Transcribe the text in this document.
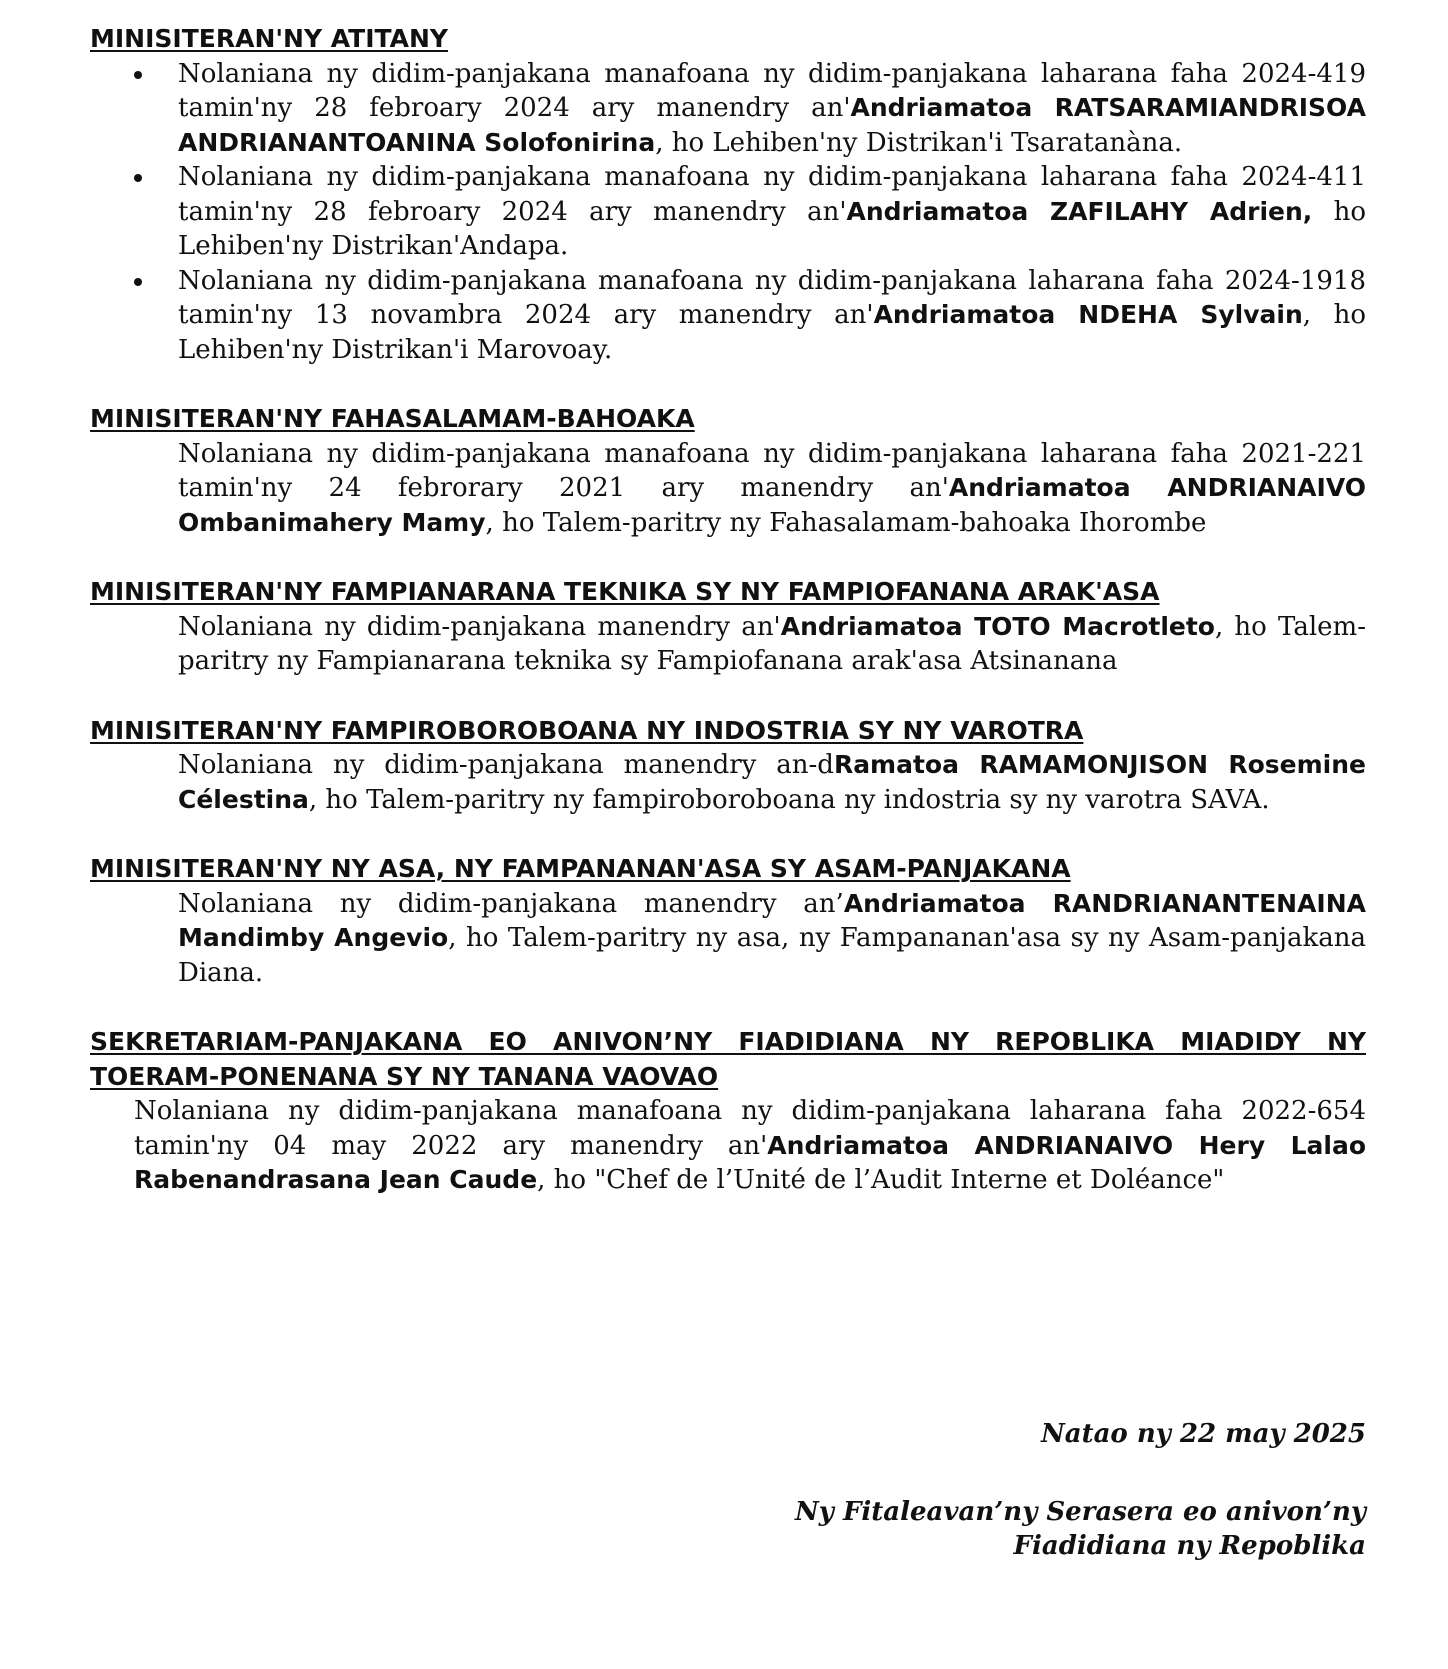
MINISITERAN'NY ATITANY

Nolaniana ny didim-panjakana manafoana ny didim-panjakana laharana faha 2024-419 tamin'ny 28 febroary 2024 ary manendry an'Andriamatoa RATSARAMIANDRISOA ANDRIANANTOANINA Solofonirina, ho Lehiben'ny Distrikan'i Tsaratanàna.
Nolaniana ny didim-panjakana manafoana ny didim-panjakana laharana faha 2024-411 tamin'ny 28 febroary 2024 ary manendry an'Andriamatoa ZAFILAHY Adrien, ho Lehiben'ny Distrikan'Andapa.
Nolaniana ny didim-panjakana manafoana ny didim-panjakana laharana faha 2024-1918 tamin'ny 13 novambra 2024 ary manendry an'Andriamatoa NDEHA Sylvain, ho Lehiben'ny Distrikan'i Marovoay.

MINISITERAN'NY FAHASALAMAM-BAHOAKA

Nolaniana ny didim-panjakana manafoana ny didim-panjakana laharana faha 2021-221 tamin'ny 24 febrorary 2021 ary manendry an'Andriamatoa ANDRIANAIVO Ombanimahery Mamy, ho Talem-paritry ny Fahasalamam-bahoaka Ihorombe

MINISITERAN'NY FAMPIANARANA TEKNIKA SY NY FAMPIOFANANA ARAK'ASA

Nolaniana ny didim-panjakana manendry an'Andriamatoa TOTO Macrotleto, ho Talem-paritry ny Fampianarana teknika sy Fampiofanana arak'asa Atsinanana

MINISITERAN'NY FAMPIROBOROBOANA NY INDOSTRIA SY NY VAROTRA

Nolaniana ny didim-panjakana manendry an-dRamatoa RAMAMONJISON Rosemine Célestina, ho Talem-paritry ny fampiroboroboana ny indostria sy ny varotra SAVA.

MINISITERAN'NY NY ASA, NY FAMPANANAN'ASA SY ASAM-PANJAKANA

Nolaniana ny didim-panjakana manendry an’Andriamatoa RANDRIANANTENAINA Mandimby Angevio, ho Talem-paritry ny asa, ny Fampananan'asa sy ny Asam-panjakana Diana.

SEKRETARIAM-PANJAKANA EO ANIVON’NY FIADIDIANA NY REPOBLIKA MIADIDY NY TOERAM-PONENANA SY NY TANANA VAOVAO

Nolaniana ny didim-panjakana manafoana ny didim-panjakana laharana faha 2022-654 tamin'ny 04 may 2022 ary manendry an'Andriamatoa ANDRIANAIVO Hery Lalao Rabenandrasana Jean Caude, ho "Chef de l’Unité de l’Audit Interne et Doléance"

Natao ny 22 may 2025
Ny Fitaleavan’ny Serasera eo anivon’ny
Fiadidiana ny Repoblika
